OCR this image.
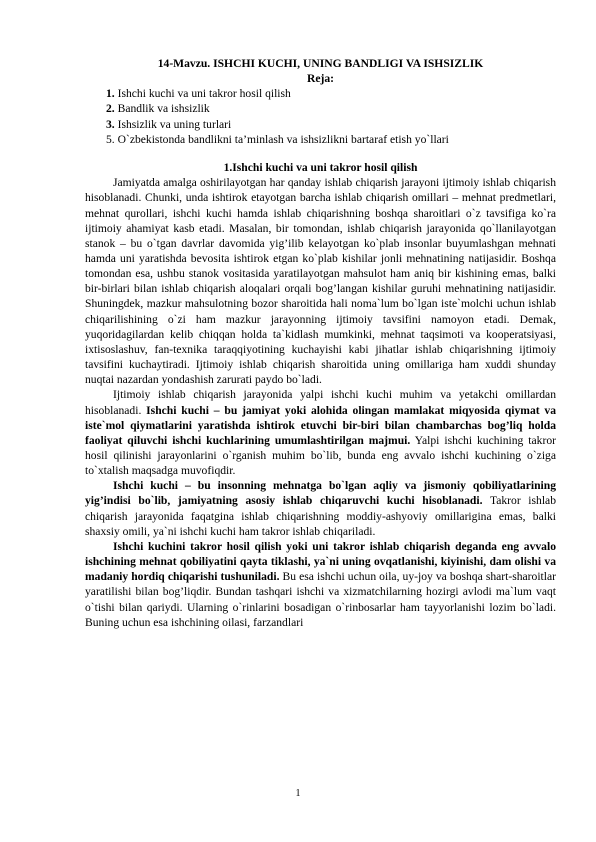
14-Mavzu. ISHCHI KUCHI, UNING BANDLIGI VA ISHSIZLIK
Reja:
1. Ishchi kuchi va uni takror hosil qilish
2. Bandlik va ishsizlik
3. Ishsizlik va uning turlari
5. O`zbekistonda bandlikni ta’minlash va ishsizlikni bartaraf etish yo`llari
1.Ishchi kuchi va uni takror hosil qilish

Jamiyatda amalga oshirilayotgan har qanday ishlab chiqarish jarayoni ijtimoiy ishlab chiqarish hisoblanadi. Chunki, unda ishtirok etayotgan barcha ishlab chiqarish omillari – mehnat predmetlari, mehnat qurollari, ishchi kuchi hamda ishlab chiqarishning boshqa sharoitlari o`z tavsifiga ko`ra ijtimoiy ahamiyat kasb etadi. Masalan, bir tomondan, ishlab chiqarish jarayonida qo`llanilayotgan stanok – bu o`tgan davrlar davomida yig’ilib kelayotgan ko`plab insonlar buyumlashgan mehnati hamda uni yaratishda bevosita ishtirok etgan ko`plab kishilar jonli mehnatining natijasidir. Boshqa tomondan esa, ushbu stanok vositasida yaratilayotgan mahsulot ham aniq bir kishining emas, balki bir-birlari bilan ishlab chiqarish aloqalari orqali bog’langan kishilar guruhi mehnatining natijasidir. Shuningdek, mazkur mahsulotning bozor sharoitida hali noma`lum bo`lgan iste`molchi uchun ishlab chiqarilishining o`zi ham mazkur jarayonning ijtimoiy tavsifini namoyon etadi. Demak, yuqoridagilardan kelib chiqqan holda ta`kidlash mumkinki, mehnat taqsimoti va kooperatsiyasi, ixtisoslashuv, fan-texnika taraqqiyotining kuchayishi kabi jihatlar ishlab chiqarishning ijtimoiy tavsifini kuchaytiradi. Ijtimoiy ishlab chiqarish sharoitida uning omillariga ham xuddi shunday nuqtai nazardan yondashish zarurati paydo bo`ladi.

Ijtimoiy ishlab chiqarish jarayonida yalpi ishchi kuchi muhim va yetakchi omillardan hisoblanadi. Ishchi kuchi – bu jamiyat yoki alohida olingan mamlakat miqyosida qiymat va iste`mol qiymatlarini yaratishda ishtirok etuvchi bir-biri bilan chambarchas bog’liq holda faoliyat qiluvchi ishchi kuchlarining umumlashtirilgan majmui. Yalpi ishchi kuchining takror hosil qilinishi jarayonlarini o`rganish muhim bo`lib, bunda eng avvalo ishchi kuchining o`ziga to`xtalish maqsadga muvofiqdir.

Ishchi kuchi – bu insonning mehnatga bo`lgan aqliy va jismoniy qobiliyatlarining yig’indisi bo`lib, jamiyatning asosiy ishlab chiqaruvchi kuchi hisoblanadi. Takror ishlab chiqarish jarayonida faqatgina ishlab chiqarishning moddiy-ashyoviy omillarigina emas, balki shaxsiy omili, ya`ni ishchi kuchi ham takror ishlab chiqariladi.

Ishchi kuchini takror hosil qilish yoki uni takror ishlab chiqarish deganda eng avvalo ishchining mehnat qobiliyatini qayta tiklashi, ya`ni uning ovqatlanishi, kiyinishi, dam olishi va madaniy hordiq chiqarishi tushuniladi. Bu esa ishchi uchun oila, uy-joy va boshqa shart-sharoitlar yaratilishi bilan bog’liqdir. Bundan tashqari ishchi va xizmatchilarning hozirgi avlodi ma`lum vaqt o`tishi bilan qariydi. Ularning o`rinlarini bosadigan o`rinbosarlar ham tayyorlanishi lozim bo`ladi. Buning uchun esa ishchining oilasi, farzandlari

1
